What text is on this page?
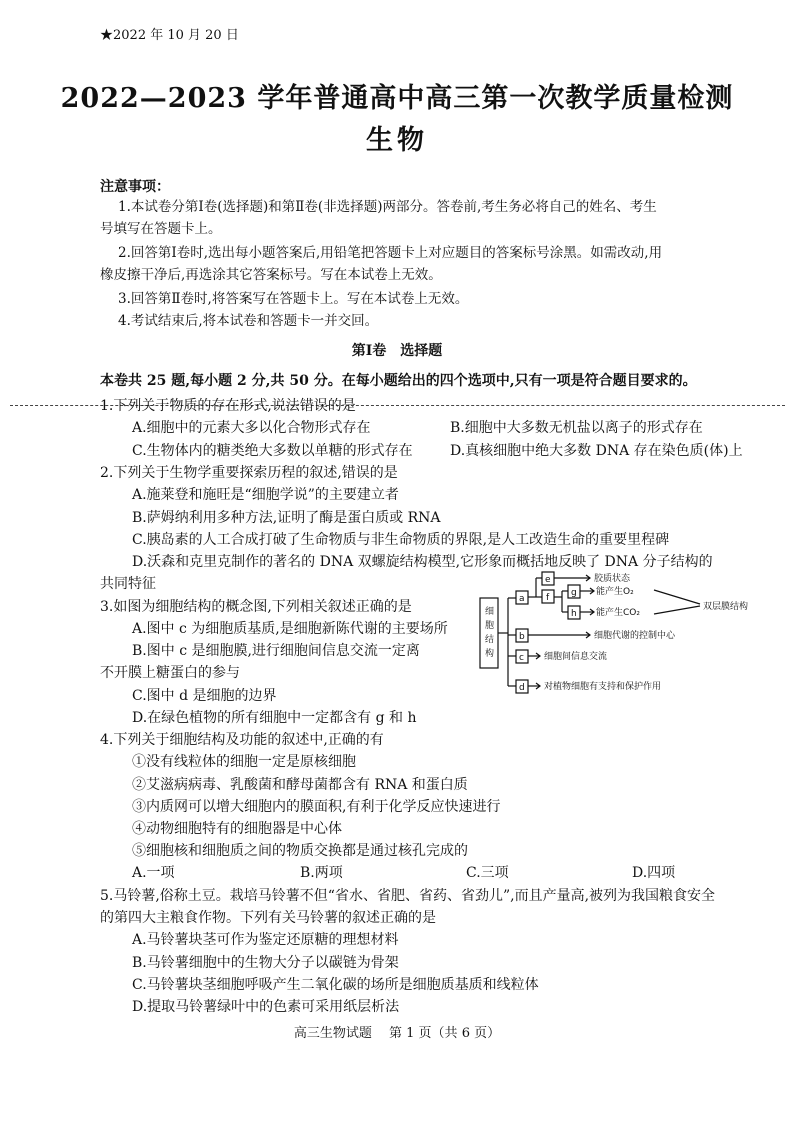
★2022 年 10 月 20 日
2022—2023 学年普通高中高三第一次教学质量检测
生物
注意事项：
1.本试卷分第Ⅰ卷(选择题)和第Ⅱ卷(非选择题)两部分。答卷前,考生务必将自己的姓名、考生
号填写在答题卡上。
2.回答第Ⅰ卷时,选出每小题答案后,用铅笔把答题卡上对应题目的答案标号涂黑。如需改动,用
橡皮擦干净后,再选涂其它答案标号。写在本试卷上无效。
3.回答第Ⅱ卷时,将答案写在答题卡上。写在本试卷上无效。
4.考试结束后,将本试卷和答题卡一并交回。
第Ⅰ卷　选择题
本卷共 25 题,每小题 2 分,共 50 分。在每小题给出的四个选项中,只有一项是符合题目要求的。
1.下列关于物质的存在形式,说法错误的是
A.细胞中的元素大多以化合物形式存在	B.细胞中大多数无机盐以离子的形式存在
C.生物体内的糖类绝大多数以单糖的形式存在	D.真核细胞中绝大多数 DNA 存在染色质(体)上
2.下列关于生物学重要探索历程的叙述,错误的是
A.施莱登和施旺是“细胞学说”的主要建立者
B.萨姆纳利用多种方法,证明了酶是蛋白质或 RNA
C.胰岛素的人工合成打破了生命物质与非生命物质的界限,是人工改造生命的重要里程碑
D.沃森和克里克制作的著名的 DNA 双螺旋结构模型,它形象而概括地反映了 DNA 分子结构的
共同特征
3.如图为细胞结构的概念图,下列相关叙述正确的是
A.图中 c 为细胞质基质,是细胞新陈代谢的主要场所
B.图中 c 是细胞膜,进行细胞间信息交流一定离
不开膜上糖蛋白的参与
C.图中 d 是细胞的边界
D.在绿色植物的所有细胞中一定都含有 g 和 h
细胞结构
a
e	胶质状态
f g 能产生O₂
h 能产生CO₂
双层膜结构
b	细胞代谢的控制中心
c 细胞间信息交流
d 对植物细胞有支持和保护作用
4.下列关于细胞结构及功能的叙述中,正确的有
①没有线粒体的细胞一定是原核细胞
②艾滋病病毒、乳酸菌和酵母菌都含有 RNA 和蛋白质
③内质网可以增大细胞内的膜面积,有利于化学反应快速进行
④动物细胞特有的细胞器是中心体
⑤细胞核和细胞质之间的物质交换都是通过核孔完成的
A.一项	B.两项	C.三项	D.四项
5.马铃薯,俗称土豆。栽培马铃薯不但“省水、省肥、省药、省劲儿”,而且产量高,被列为我国粮食安全
的第四大主粮食作物。下列有关马铃薯的叙述正确的是
A.马铃薯块茎可作为鉴定还原糖的理想材料
B.马铃薯细胞中的生物大分子以碳链为骨架
C.马铃薯块茎细胞呼吸产生二氧化碳的场所是细胞质基质和线粒体
D.提取马铃薯绿叶中的色素可采用纸层析法
高三生物试题　 第 1 页（共 6 页）
